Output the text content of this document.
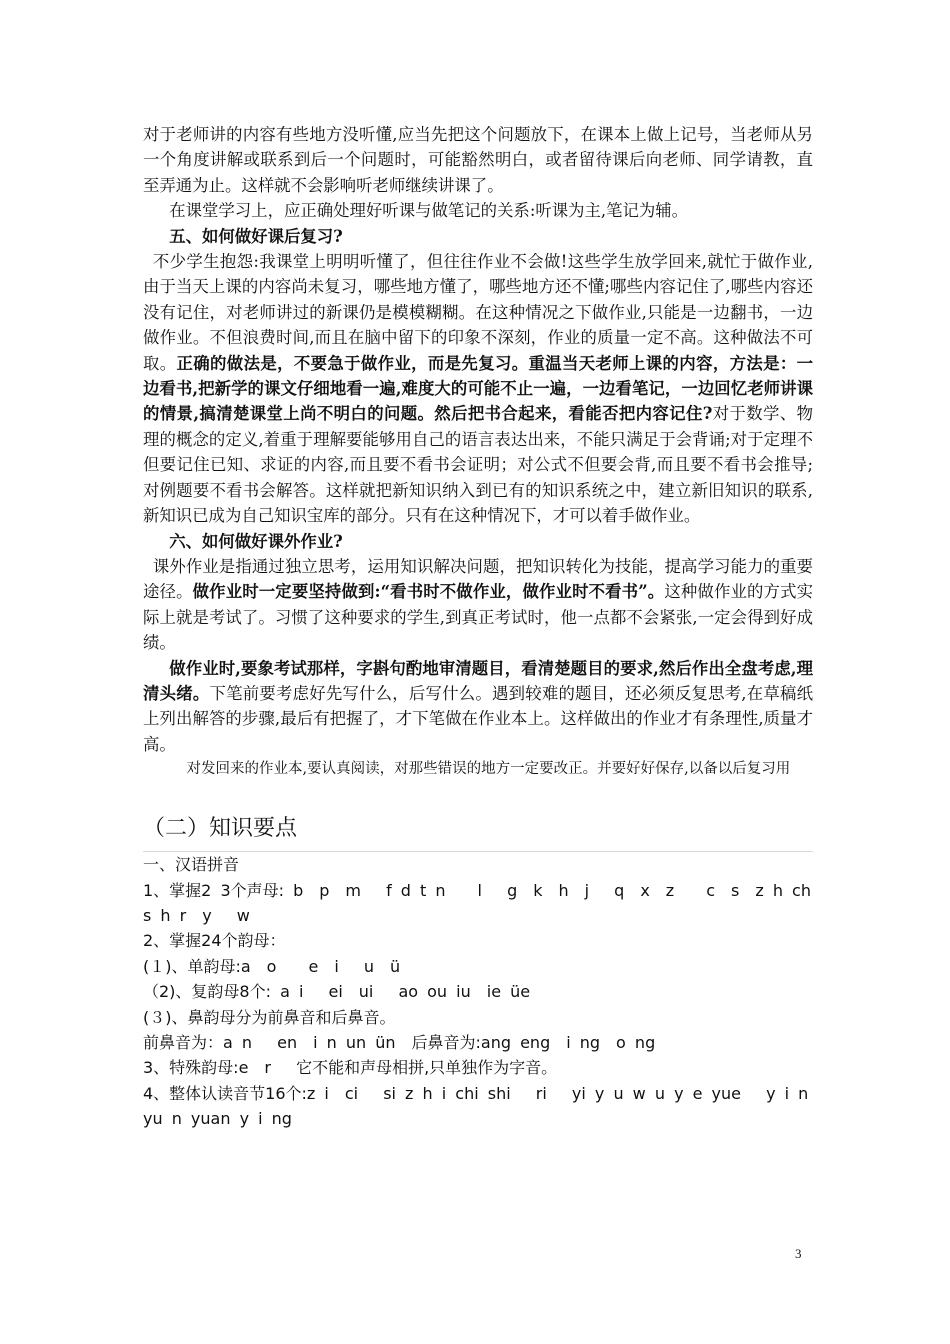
对于老师讲的内容有些地方没听懂,应当先把这个问题放下，在课本上做上记号，当老师从另一个角度讲解或联系到后一个问题时，可能豁然明白，或者留待课后向老师、同学请教，直至弄通为止。这样就不会影响听老师继续讲课了。

在课堂学习上，应正确处理好听课与做笔记的关系:听课为主,笔记为辅。

五、如何做好课后复习?

不少学生抱怨:我课堂上明明听懂了，但往往作业不会做!这些学生放学回来,就忙于做作业,由于当天上课的内容尚未复习，哪些地方懂了，哪些地方还不懂;哪些内容记住了,哪些内容还没有记住，对老师讲过的新课仍是模模糊糊。在这种情况之下做作业,只能是一边翻书，一边做作业。不但浪费时间,而且在脑中留下的印象不深刻，作业的质量一定不高。这种做法不可取。正确的做法是，不要急于做作业，而是先复习。重温当天老师上课的内容，方法是：一边看书,把新学的课文仔细地看一遍,难度大的可能不止一遍，一边看笔记，一边回忆老师讲课的情景,搞清楚课堂上尚不明白的问题。然后把书合起来，看能否把内容记住?对于数学、物理的概念的定义,着重于理解要能够用自己的语言表达出来，不能只满足于会背诵;对于定理不但要记住已知、求证的内容,而且要不看书会证明；对公式不但要会背,而且要不看书会推导;对例题要不看书会解答。这样就把新知识纳入到已有的知识系统之中，建立新旧知识的联系,新知识已成为自己知识宝库的部分。只有在这种情况下，才可以着手做作业。

六、如何做好课外作业?

课外作业是指通过独立思考，运用知识解决问题，把知识转化为技能，提高学习能力的重要途径。做作业时一定要坚持做到:“看书时不做作业，做作业时不看书”。这种做作业的方式实际上就是考试了。习惯了这种要求的学生,到真正考试时，他一点都不会紧张,一定会得到好成绩。

做作业时,要象考试那样，字斟句酌地审清题目，看清楚题目的要求,然后作出全盘考虑,理清头绪。下笔前要考虑好先写什么，后写什么。遇到较难的题目，还必须反复思考,在草稿纸上列出解答的步骤,最后有把握了，才下笔做在作业本上。这样做出的作业才有条理性,质量才高。

对发回来的作业本,要认真阅读，对那些错误的地方一定要改正。并要好好保存,以备以后复习用

（二）知识要点

一、汉语拼音

1、掌握2 3个声母: b　p　m　 f d t n　　l　 g　k　h　j　 q　x　z　　c　s　z h ch　s h r　y　 w

2、掌握24个韵母：

(１)、单韵母:a　o　　e　i　 u　ü

（2)、复韵母8个: a i　 ei　ui　 ao ou iu　ie üe

(３)、鼻韵母分为前鼻音和后鼻音。

前鼻音为：a n　 en　i n un ün　后鼻音为:ang eng　i ng　o ng

3、特殊韵母:e　r　 它不能和声母相拼,只单独作为字音。

4、整体认读音节16个:z i　ci　 si z h i chi shi　 ri　 yi y u w u y e yue　 y i n　yu n yuan y i ng

3
